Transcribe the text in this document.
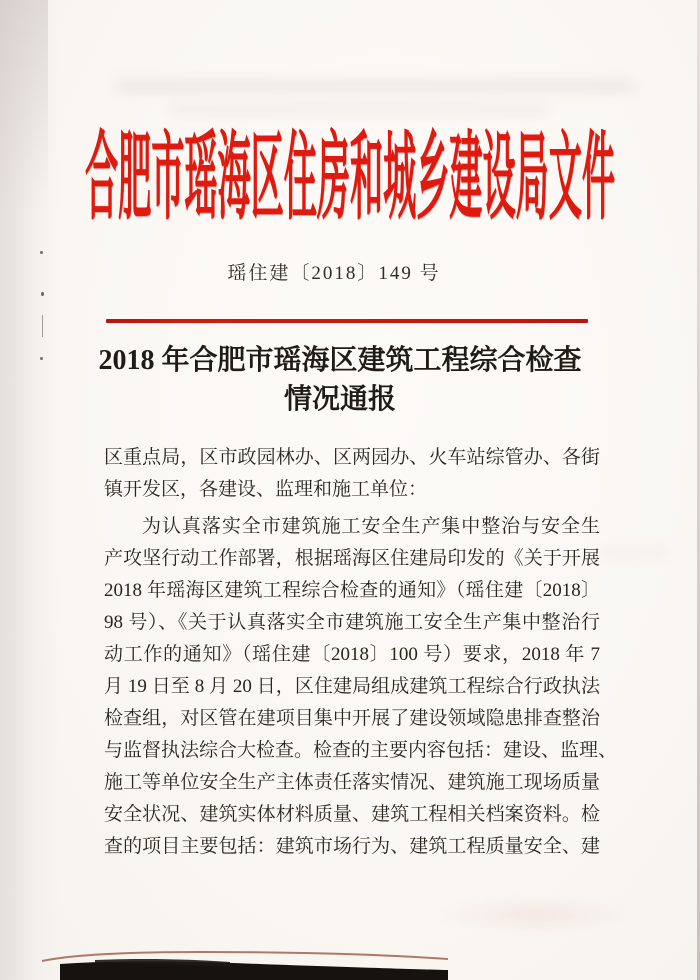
合肥市瑶海区住房和城乡建设局文件
瑶住建〔2018〕149 号
2018 年合肥市瑶海区建筑工程综合检查
情况通报
区重点局，区市政园林办、区两园办、火车站综管办、各街
镇开发区，各建设、监理和施工单位：
为认真落实全市建筑施工安全生产集中整治与安全生
产攻坚行动工作部署，根据瑶海区住建局印发的《关于开展
2018 年瑶海区建筑工程综合检查的通知》（瑶住建〔2018〕
98 号）、《关于认真落实全市建筑施工安全生产集中整治行
动工作的通知》（瑶住建〔2018〕100 号）要求，2018 年 7
月 19 日至 8 月 20 日，区住建局组成建筑工程综合行政执法
检查组，对区管在建项目集中开展了建设领域隐患排查整治
与监督执法综合大检查。检查的主要内容包括：建设、监理、
施工等单位安全生产主体责任落实情况、建筑施工现场质量
安全状况、建筑实体材料质量、建筑工程相关档案资料。检
查的项目主要包括：建筑市场行为、建筑工程质量安全、建
